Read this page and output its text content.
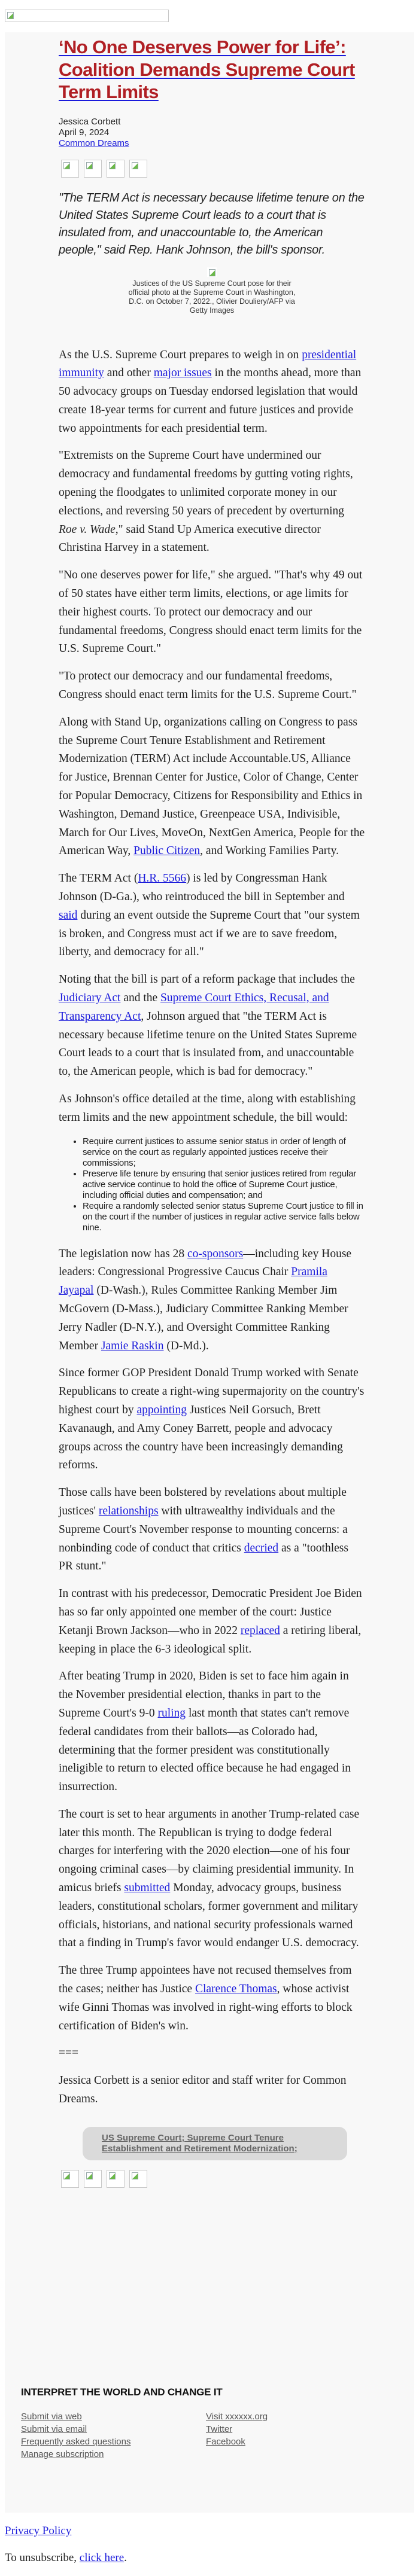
‘No One Deserves Power for Life’: Coalition Demands Supreme Court Term Limits
Jessica Corbett
April 9, 2024
Common Dreams
"The TERM Act is necessary because lifetime tenure on the United States Supreme Court leads to a court that is insulated from, and unaccountable to, the American people," said Rep. Hank Johnson, the bill's sponsor.
Justices of the US Supreme Court pose for their official photo at the Supreme Court in Washington, D.C. on October 7, 2022., Olivier Douliery/AFP via Getty Images

As the U.S. Supreme Court prepares to weigh in on presidential immunity and other major issues in the months ahead, more than 50 advocacy groups on Tuesday endorsed legislation that would create 18-year terms for current and future justices and provide two appointments for each presidential term.

"Extremists on the Supreme Court have undermined our democracy and fundamental freedoms by gutting voting rights, opening the floodgates to unlimited corporate money in our elections, and reversing 50 years of precedent by overturning Roe v. Wade," said Stand Up America executive director Christina Harvey in a statement.

"No one deserves power for life," she argued. "That's why 49 out of 50 states have either term limits, elections, or age limits for their highest courts. To protect our democracy and our fundamental freedoms, Congress should enact term limits for the U.S. Supreme Court."

"To protect our democracy and our fundamental freedoms, Congress should enact term limits for the U.S. Supreme Court."

Along with Stand Up, organizations calling on Congress to pass the Supreme Court Tenure Establishment and Retirement Modernization (TERM) Act include Accountable.US, Alliance for Justice, Brennan Center for Justice, Color of Change, Center for Popular Democracy, Citizens for Responsibility and Ethics in Washington, Demand Justice, Greenpeace USA, Indivisible, March for Our Lives, MoveOn, NextGen America, People for the American Way, Public Citizen, and Working Families Party.

The TERM Act (H.R. 5566) is led by Congressman Hank Johnson (D-Ga.), who reintroduced the bill in September and said during an event outside the Supreme Court that "our system is broken, and Congress must act if we are to save freedom, liberty, and democracy for all."

Noting that the bill is part of a reform package that includes the Judiciary Act and the Supreme Court Ethics, Recusal, and Transparency Act, Johnson argued that "the TERM Act is necessary because lifetime tenure on the United States Supreme Court leads to a court that is insulated from, and unaccountable to, the American people, which is bad for democracy."

As Johnson's office detailed at the time, along with establishing term limits and the new appointment schedule, the bill would:

• Require current justices to assume senior status in order of length of service on the court as regularly appointed justices receive their commissions;
• Preserve life tenure by ensuring that senior justices retired from regular active service continue to hold the office of Supreme Court justice, including official duties and compensation; and
• Require a randomly selected senior status Supreme Court justice to fill in on the court if the number of justices in regular active service falls below nine.

The legislation now has 28 co-sponsors—including key House leaders: Congressional Progressive Caucus Chair Pramila Jayapal (D-Wash.), Rules Committee Ranking Member Jim McGovern (D-Mass.), Judiciary Committee Ranking Member Jerry Nadler (D-N.Y.), and Oversight Committee Ranking Member Jamie Raskin (D-Md.).

Since former GOP President Donald Trump worked with Senate Republicans to create a right-wing supermajority on the country's highest court by appointing Justices Neil Gorsuch, Brett Kavanaugh, and Amy Coney Barrett, people and advocacy groups across the country have been increasingly demanding reforms.

Those calls have been bolstered by revelations about multiple justices' relationships with ultrawealthy individuals and the Supreme Court's November response to mounting concerns: a nonbinding code of conduct that critics decried as a "toothless PR stunt."

In contrast with his predecessor, Democratic President Joe Biden has so far only appointed one member of the court: Justice Ketanji Brown Jackson—who in 2022 replaced a retiring liberal, keeping in place the 6-3 ideological split.

After beating Trump in 2020, Biden is set to face him again in the November presidential election, thanks in part to the Supreme Court's 9-0 ruling last month that states can't remove federal candidates from their ballots—as Colorado had, determining that the former president was constitutionally ineligible to return to elected office because he had engaged in insurrection.

The court is set to hear arguments in another Trump-related case later this month. The Republican is trying to dodge federal charges for interfering with the 2020 election—one of his four ongoing criminal cases—by claiming presidential immunity. In amicus briefs submitted Monday, advocacy groups, business leaders, constitutional scholars, former government and military officials, historians, and national security professionals warned that a finding in Trump's favor would endanger U.S. democracy.

The three Trump appointees have not recused themselves from the cases; neither has Justice Clarence Thomas, whose activist wife Ginni Thomas was involved in right-wing efforts to block certification of Biden's win.

===

Jessica Corbett is a senior editor and staff writer for Common Dreams.

US Supreme Court; Supreme Court Tenure Establishment and Retirement Modernization;
INTERPRET THE WORLD AND CHANGE IT
Submit via web
Submit via email
Frequently asked questions
Manage subscription
Visit xxxxxx.org
Twitter
Facebook
Privacy Policy
To unsubscribe, click here.
